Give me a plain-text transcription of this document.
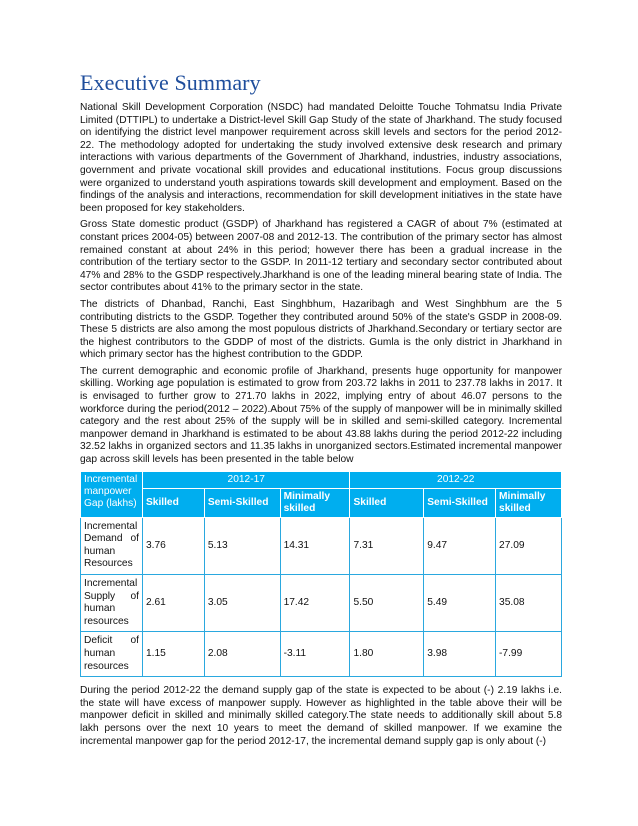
Executive Summary

National Skill Development Corporation (NSDC) had mandated Deloitte Touche Tohmatsu India Private Limited (DTTIPL) to undertake a District-level Skill Gap Study of the state of Jharkhand. The study focused on identifying the district level manpower requirement across skill levels and sectors for the period 2012-22. The methodology adopted for undertaking the study involved extensive desk research and primary interactions with various departments of the Government of Jharkhand, industries, industry associations, government and private vocational skill provides and educational institutions. Focus group discussions were organized to understand youth aspirations towards skill development and employment. Based on the findings of the analysis and interactions, recommendation for skill development initiatives in the state have been proposed for key stakeholders.

Gross State domestic product (GSDP) of Jharkhand has registered a CAGR of about 7% (estimated at constant prices 2004-05) between 2007-08 and 2012-13. The contribution of the primary sector has almost remained constant at about 24% in this period; however there has been a gradual increase in the contribution of the tertiary sector to the GSDP. In 2011-12 tertiary and secondary sector contributed about 47% and 28% to the GSDP respectively.Jharkhand is one of the leading mineral bearing state of India. The sector contributes about 41% to the primary sector in the state.

The districts of Dhanbad, Ranchi, East Singhbhum, Hazaribagh and West Singhbhum are the 5 contributing districts to the GSDP. Together they contributed around 50% of the state's GSDP in 2008-09. These 5 districts are also among the most populous districts of Jharkhand.Secondary or tertiary sector are the highest contributors to the GDDP of most of the districts. Gumla is the only district in Jharkhand in which primary sector has the highest contribution to the GDDP.

The current demographic and economic profile of Jharkhand, presents huge opportunity for manpower skilling. Working age population is estimated to grow from 203.72 lakhs in 2011 to 237.78 lakhs in 2017. It is envisaged to further grow to 271.70 lakhs in 2022, implying entry of about 46.07 persons to the workforce during the period(2012 – 2022).About 75% of the supply of manpower will be in minimally skilled category and the rest about 25% of the supply will be in skilled and semi-skilled category. Incremental manpower demand in Jharkhand is estimated to be about 43.88 lakhs during the period 2012-22 including 32.52 lakhs in organized sectors and 11.35 lakhs in unorganized sectors.Estimated incremental manpower gap across skill levels has been presented in the table below

Incremental manpower Gap (lakhs)	2012-17			2012-22		
	Skilled	Semi-Skilled	Minimally skilled	Skilled	Semi-Skilled	Minimally skilled
Incremental Demand of human Resources	3.76	5.13	14.31	7.31	9.47	27.09
Incremental Supply of human resources	2.61	3.05	17.42	5.50	5.49	35.08
Deficit of human resources	1.15	2.08	-3.11	1.80	3.98	-7.99

During the period 2012-22 the demand supply gap of the state is expected to be about (-) 2.19 lakhs i.e. the state will have excess of manpower supply. However as highlighted in the table above their will be manpower deficit in skilled and minimally skilled category.The state needs to additionally skill about 5.8 lakh persons over the next 10 years to meet the demand of skilled manpower. If we examine the incremental manpower gap for the period 2012-17, the incremental demand supply gap is only about (-)
